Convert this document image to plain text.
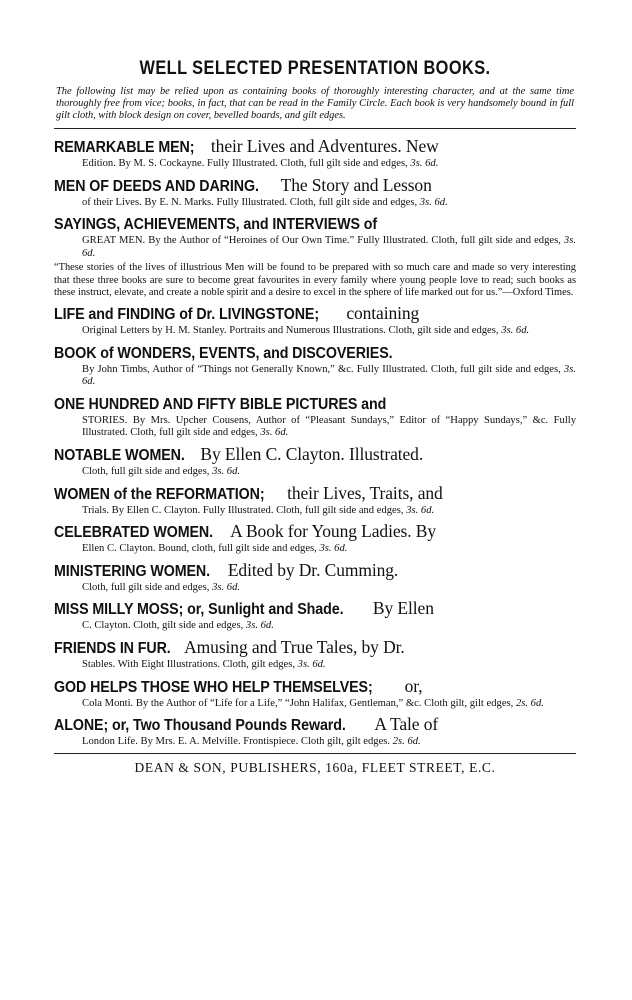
WELL SELECTED PRESENTATION BOOKS.
The following list may be relied upon as containing books of thoroughly interesting character, and at the same time thoroughly free from vice; books, in fact, that can be read in the Family Circle. Each book is very handsomely bound in full gilt cloth, with block design on cover, bevelled boards, and gilt edges.
REMARKABLE MEN; their Lives and Adventures. New
Edition. By M. S. Cockayne. Fully Illustrated. Cloth, full gilt side and edges, 3s. 6d.
MEN OF DEEDS AND DARING. The Story and Lesson
of their Lives. By E. N. Marks. Fully Illustrated. Cloth, full gilt side and edges, 3s. 6d.
SAYINGS, ACHIEVEMENTS, and INTERVIEWS of
GREAT MEN. By the Author of “Heroines of Our Own Time.” Fully Illustrated. Cloth, full gilt side and edges, 3s. 6d.
“These stories of the lives of illustrious Men will be found to be prepared with so much care and made so very interesting that these three books are sure to become great favourites in every family where young people love to read; such books as these instruct, elevate, and create a noble spirit and a desire to excel in the sphere of life marked out for us.”—Oxford Times.
LIFE and FINDING of Dr. LIVINGSTONE; containing
Original Letters by H. M. Stanley. Portraits and Numerous Illustrations. Cloth, gilt side and edges, 3s. 6d.
BOOK of WONDERS, EVENTS, and DISCOVERIES.
By John Timbs, Author of “Things not Generally Known,” &c. Fully Illustrated. Cloth, full gilt side and edges, 3s. 6d.
ONE HUNDRED AND FIFTY BIBLE PICTURES and
STORIES. By Mrs. Upcher Cousens, Author of “Pleasant Sundays,” Editor of “Happy Sundays,” &c. Fully Illustrated. Cloth, full gilt side and edges, 3s. 6d.
NOTABLE WOMEN. By Ellen C. Clayton. Illustrated.
Cloth, full gilt side and edges, 3s. 6d.
WOMEN of the REFORMATION; their Lives, Traits, and
Trials. By Ellen C. Clayton. Fully Illustrated. Cloth, full gilt side and edges, 3s. 6d.
CELEBRATED WOMEN. A Book for Young Ladies. By
Ellen C. Clayton. Bound, cloth, full gilt side and edges, 3s. 6d.
MINISTERING WOMEN. Edited by Dr. Cumming.
Cloth, full gilt side and edges, 3s. 6d.
MISS MILLY MOSS; or, Sunlight and Shade. By Ellen
C. Clayton. Cloth, gilt side and edges, 3s. 6d.
FRIENDS IN FUR. Amusing and True Tales, by Dr.
Stables. With Eight Illustrations. Cloth, gilt edges, 3s. 6d.
GOD HELPS THOSE WHO HELP THEMSELVES; or,
Cola Monti. By the Author of “Life for a Life,” “John Halifax, Gentleman,” &c. Cloth gilt, gilt edges, 2s. 6d.
ALONE; or, Two Thousand Pounds Reward. A Tale of
London Life. By Mrs. E. A. Melville. Frontispiece. Cloth gilt, gilt edges. 2s. 6d.
DEAN & SON, PUBLISHERS, 160a, FLEET STREET, E.C.
